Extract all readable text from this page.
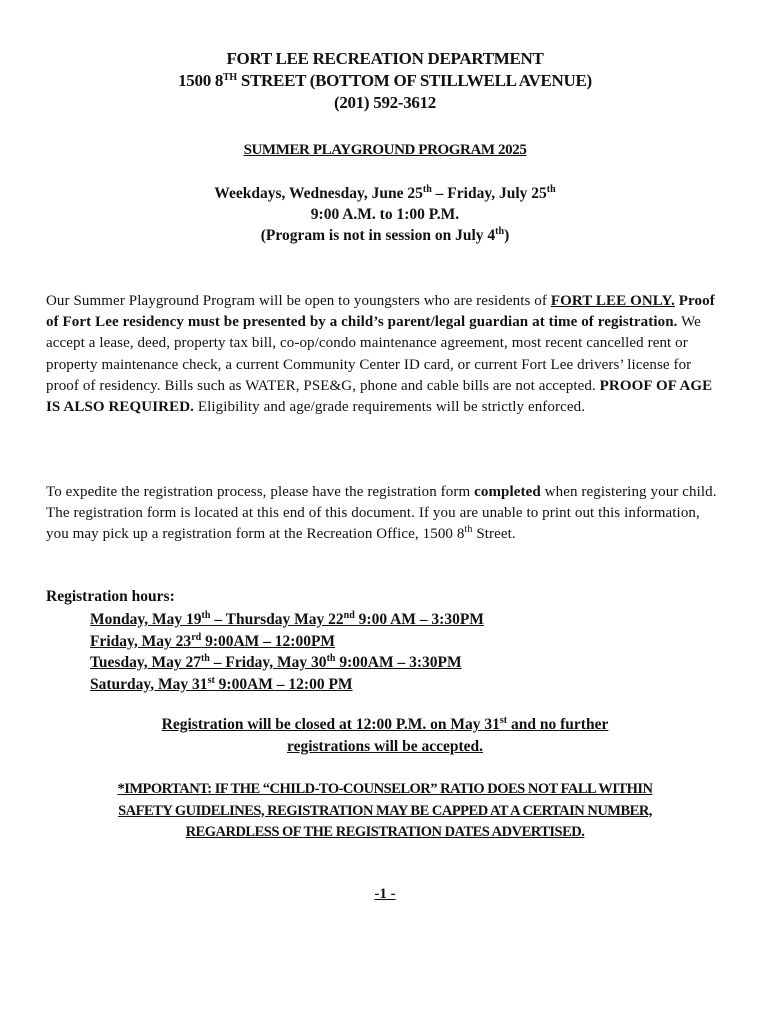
FORT LEE RECREATION DEPARTMENT
1500 8TH STREET (BOTTOM OF STILLWELL AVENUE)
(201) 592-3612
SUMMER PLAYGROUND PROGRAM 2025
Weekdays, Wednesday, June 25th – Friday, July 25th
9:00 A.M. to 1:00 P.M.
(Program is not in session on July 4th)
Our Summer Playground Program will be open to youngsters who are residents of FORT LEE ONLY. Proof of Fort Lee residency must be presented by a child’s parent/legal guardian at time of registration. We accept a lease, deed, property tax bill, co-op/condo maintenance agreement, most recent cancelled rent or property maintenance check, a current Community Center ID card, or current Fort Lee drivers’ license for proof of residency. Bills such as WATER, PSE&G, phone and cable bills are not accepted. PROOF OF AGE IS ALSO REQUIRED. Eligibility and age/grade requirements will be strictly enforced.
To expedite the registration process, please have the registration form completed when registering your child. The registration form is located at this end of this document. If you are unable to print out this information, you may pick up a registration form at the Recreation Office, 1500 8th Street.
Registration hours:
Monday, May 19th – Thursday May 22nd 9:00 AM – 3:30PM
Friday, May 23rd 9:00AM – 12:00PM
Tuesday, May 27th – Friday, May 30th 9:00AM – 3:30PM
Saturday, May 31st 9:00AM – 12:00 PM
Registration will be closed at 12:00 P.M. on May 31st and no further
registrations will be accepted.
*IMPORTANT: IF THE “CHILD-TO-COUNSELOR” RATIO DOES NOT FALL WITHIN
SAFETY GUIDELINES, REGISTRATION MAY BE CAPPED AT A CERTAIN NUMBER,
REGARDLESS OF THE REGISTRATION DATES ADVERTISED.
-1 -
